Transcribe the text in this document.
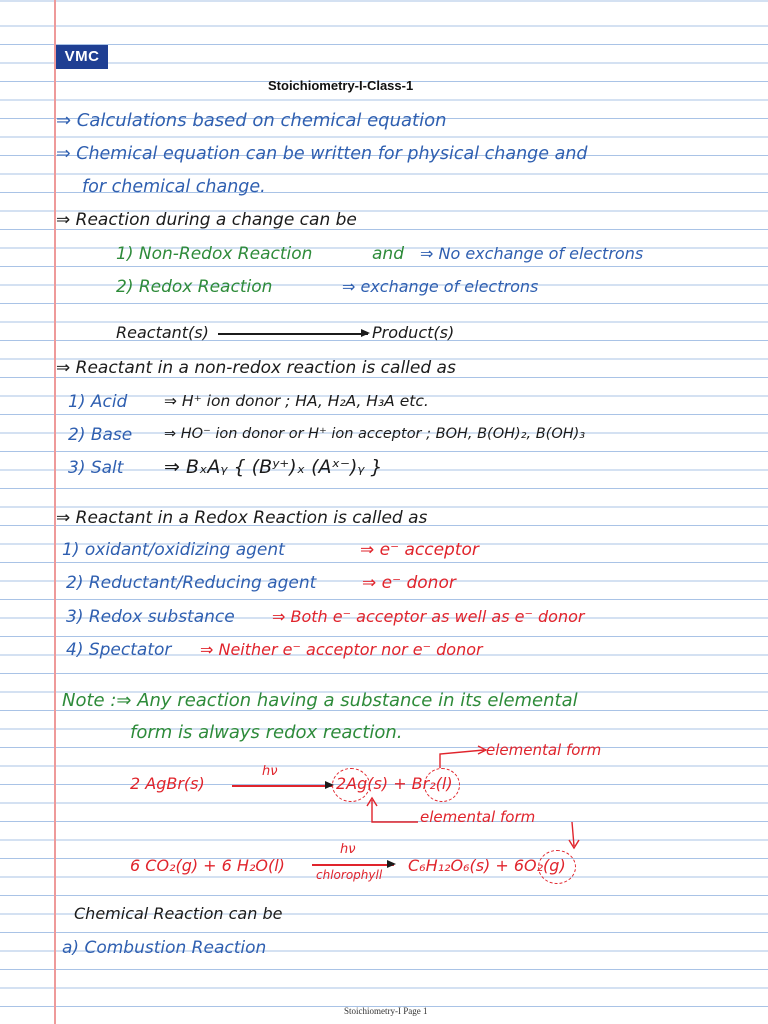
VMC
Stoichiometry-I-Class-1
⇒ Calculations based on chemical equation
⇒ Chemical equation can be written for physical change and
for chemical change.
⇒ Reaction during a change can be
1) Non-Redox Reaction	and ⇒ No exchange of electrons
2) Redox Reaction	⇒ exchange of electrons
Reactant(s)	Product(s)
⇒ Reactant in a non-redox reaction is called as
1) Acid ⇒ H⁺ ion donor ; HA, H₂A, H₃A etc.
2) Base ⇒ HO⁻ ion donor or H⁺ ion acceptor ; BOH, B(OH)₂, B(OH)₃
3) Salt ⇒ BₓAᵧ { (Bʸ⁺)ₓ (Aˣ⁻)ᵧ }
⇒ Reactant in a Redox Reaction is called as
1) oxidant/oxidizing agent	⇒ e⁻ acceptor
2) Reductant/Reducing agent	⇒ e⁻ donor
3) Redox substance ⇒ Both e⁻ acceptor as well as e⁻ donor
4) Spectator ⇒ Neither e⁻ acceptor nor e⁻ donor
Note :⇒ Any reaction having a substance in its elemental
form is always redox reaction.
elemental form
2 AgBr(s)
hν
2Ag(s) + Br₂(l)
elemental form
6 CO₂(g) + 6 H₂O(l)
hν
chlorophyll C₆H₁₂O₆(s) + 6O₂(g)
Chemical Reaction can be
a) Combustion Reaction
Stoichiometry-I Page 1
